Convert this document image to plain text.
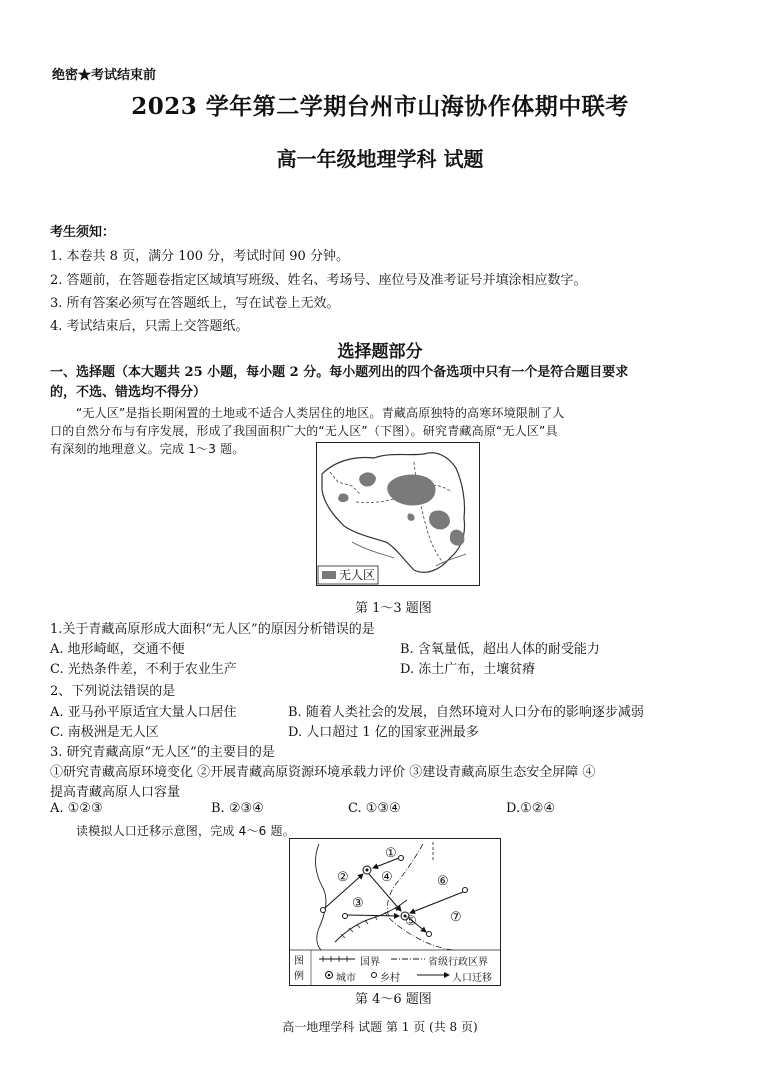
绝密★考试结束前
2023 学年第二学期台州市山海协作体期中联考
高一年级地理学科 试题
考生须知：
1. 本卷共 8 页，满分 100 分，考试时间 90 分钟。
2. 答题前，在答题卷指定区域填写班级、姓名、考场号、座位号及准考证号并填涂相应数字。
3. 所有答案必须写在答题纸上，写在试卷上无效。
4. 考试结束后，只需上交答题纸。
选择题部分
一、选择题（本大题共 25 小题，每小题 2 分。每小题列出的四个备选项中只有一个是符合题目要求
的，不选、错选均不得分）
“无人区”是指长期闲置的土地或不适合人类居住的地区。青藏高原独特的高寒环境限制了人
口的自然分布与有序发展，形成了我国面积广大的“无人区”（下图）。研究青藏高原“无人区”具
有深刻的地理意义。完成 1～3 题。
无人区
第 1～3 题图
1.关于青藏高原形成大面积“无人区”的原因分析错误的是
A. 地形崎岖，交通不便	B. 含氧量低，超出人体的耐受能力
C. 光热条件差，不利于农业生产	D. 冻土广布，土壤贫瘠
2、下列说法错误的是
A. 亚马孙平原适宜大量人口居住	B. 随着人类社会的发展，自然环境对人口分布的影响逐步减弱
C. 南极洲是无人区	D. 人口超过 1 亿的国家亚洲最多
3. 研究青藏高原“无人区”的主要目的是
①研究青藏高原环境变化 ②开展青藏高原资源环境承载力评价 ③建设青藏高原生态安全屏障 ④
提高青藏高原人口容量
A. ①②③	B. ②③④	C. ①③④	D.①②④
读模拟人口迁移示意图，完成 4～6 题。
①
②
③
④
⑤
⑥
⑦
图
例
国界	省级行政区界
城市 乡村	人口迁移
第 4～6 题图
高一地理学科 试题 第 1 页 (共 8 页)
